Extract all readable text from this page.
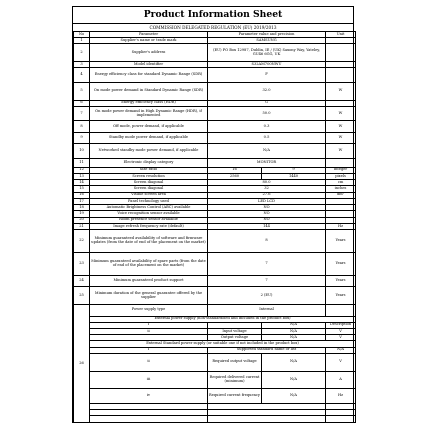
Product Information Sheet
COMMISSION DELEGATED REGULATION (EU) 2019/2013
No	Parameter	Parameter value and precision		Unit
1	Supplier's name or trade mark	SAMSUNG		
2	Supplier's address	(EU) PO Box 12987, Dublin, IE / (UK) Saxony Way, Yateley, GU46 6GG, UK		
3	Model identifier	S32AM700NWU		
4	Energy efficiency class for standard Dynamic Range (SDR)	F		
5	On mode power demand in Standard Dynamic Range (SDR)	32.0		W
6	Energy efficiency class (HDR)	G		
7	On mode power demand in High Dynamic Range (HDR), if implemented	50.0		W
8	Off mode, power demand, if applicable	0.3		W
9	Standby mode power demand, if applicable	0.5		W
10	Networked standby mode power demand, if applicable	N/A		W
11	Electronic display category	MONITOR		
12	Size ratio	16	9	integer
13	Screen resolution	2560	1440	pixels
14	Screen diagonal	80.0		cm
15	Screen diagonal	32		inches
16	Visible screen area	27.6		dm²
17	Panel technology used	LED LCD		
18	Automatic Brightness Control (ABC) available	NO		
19	Voice recognition sensor available	NO		
20	Room presence sensor available	NO		
21	Image refresh frequency rate (default)	144		Hz
22	Minimum guaranteed availability of software and firmware updates (from the date of end of the placement on the market)	8		Years
23	Minimum guaranteed availability of spare parts (from the date of end of the placement on the market)	7		Years
24	Minimum guaranteed product support	7		Years
25	Minimum duration of the general guarantee offered by the supplier	2 (EU)		Years
26	Power supply type	Internal		
	External power supply (non-standardised and included in the product box)			
	i		N/A	Description
	ii	Input voltage	N/A	V
		Output voltage	N/A	V
	External Standard power supply (or suitable one if not included in the product box)			
	i	Supported standard name or list		N/A
	ii	Required output voltage	N/A	V
	iii	Required delivered current (minimum)	N/A	A
	iv	Required current frequency	N/A	Hz
